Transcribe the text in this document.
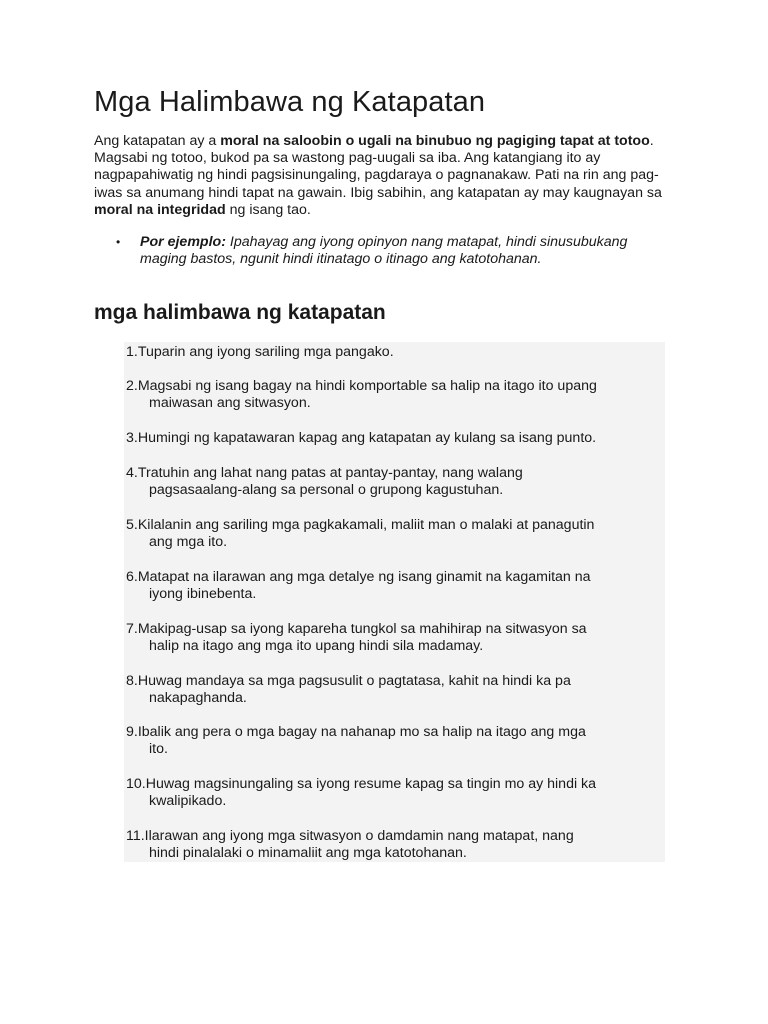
Mga Halimbawa ng Katapatan

Ang katapatan ay a moral na saloobin o ugali na binubuo ng pagiging tapat at totoo. Magsabi ng totoo, bukod pa sa wastong pag-uugali sa iba. Ang katangiang ito ay nagpapahiwatig ng hindi pagsisinungaling, pagdaraya o pagnanakaw. Pati na rin ang pag-iwas sa anumang hindi tapat na gawain. Ibig sabihin, ang katapatan ay may kaugnayan sa moral na integridad ng isang tao.

• Por ejemplo: Ipahayag ang iyong opinyon nang matapat, hindi sinusubukang maging bastos, ngunit hindi itinatago o itinago ang katotohanan.
mga halimbawa ng katapatan
1.Tuparin ang iyong sariling mga pangako.
2.Magsabi ng isang bagay na hindi komportable sa halip na itago ito upang
maiwasan ang sitwasyon.
3.Humingi ng kapatawaran kapag ang katapatan ay kulang sa isang punto.
4.Tratuhin ang lahat nang patas at pantay-pantay, nang walang
pagsasaalang-alang sa personal o grupong kagustuhan.
5.Kilalanin ang sariling mga pagkakamali, maliit man o malaki at panagutin
ang mga ito.
6.Matapat na ilarawan ang mga detalye ng isang ginamit na kagamitan na
iyong ibinebenta.
7.Makipag-usap sa iyong kapareha tungkol sa mahihirap na sitwasyon sa
halip na itago ang mga ito upang hindi sila madamay.
8.Huwag mandaya sa mga pagsusulit o pagtatasa, kahit na hindi ka pa
nakapaghanda.
9.Ibalik ang pera o mga bagay na nahanap mo sa halip na itago ang mga
ito.
10.Huwag magsinungaling sa iyong resume kapag sa tingin mo ay hindi ka
kwalipikado.
11.Ilarawan ang iyong mga sitwasyon o damdamin nang matapat, nang
hindi pinalalaki o minamaliit ang mga katotohanan.
